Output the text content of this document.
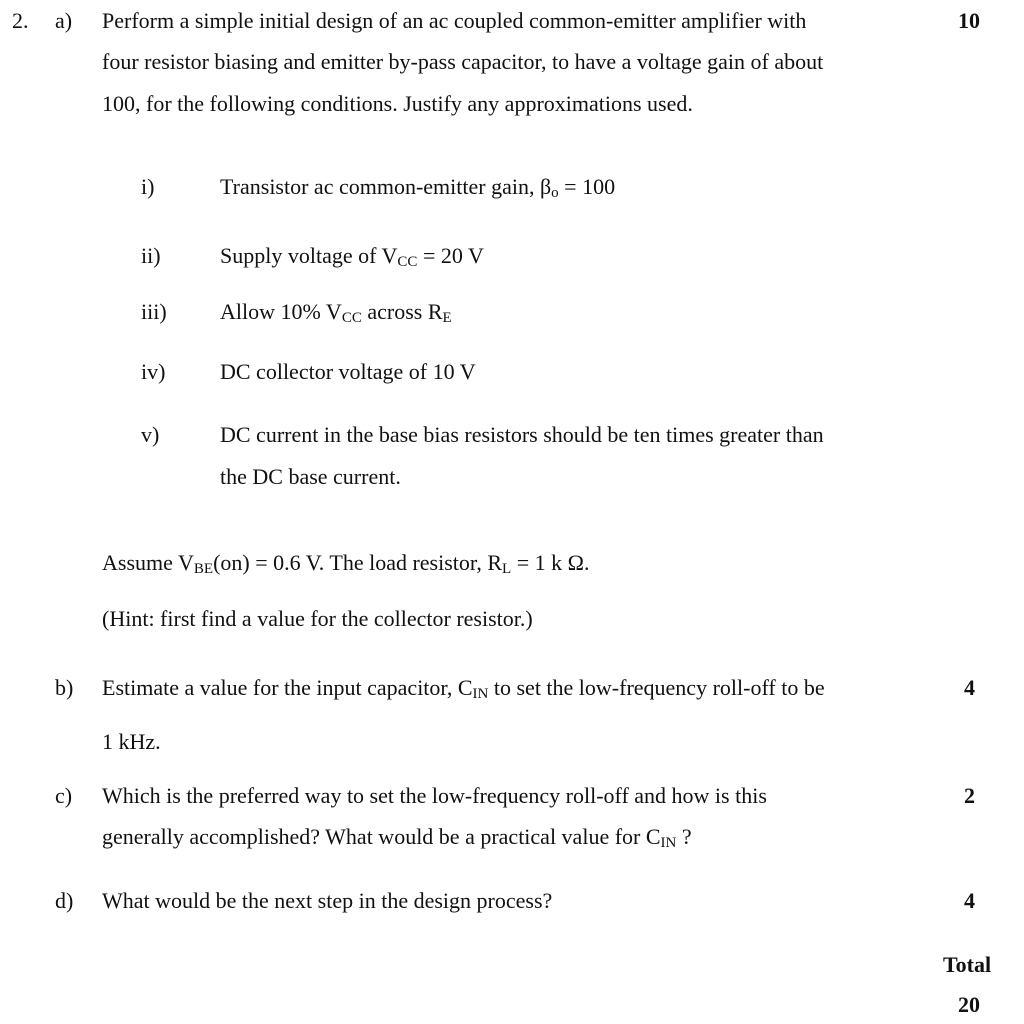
2. a)	10
Perform a simple initial design of an ac coupled common-emitter amplifier with
four resistor biasing and emitter by-pass capacitor, to have a voltage gain of about
100, for the following conditions. Justify any approximations used.
i)	Transistor ac common-emitter gain, $\beta_o = 100$
ii)	Supply voltage of $V_{CC} = 20$ V
iii) Allow 10% $V_{CC}$ across $R_E$
iv) DC collector voltage of 10 V
v)	DC current in the base bias resistors should be ten times greater than
the DC base current.
Assume $V_{BE}(on) = 0.6$ V. The load resistor, $R_L = 1$ k Ω.
(Hint: first find a value for the collector resistor.)
b)	4
Estimate a value for the input capacitor, $C_{IN}$ to set the low-frequency roll-off to be
1 kHz.
c)	2
Which is the preferred way to set the low-frequency roll-off and how is this
generally accomplished? What would be a practical value for $C_{IN}$ ?
d)	4
What would be the next step in the design process?
Total
20
